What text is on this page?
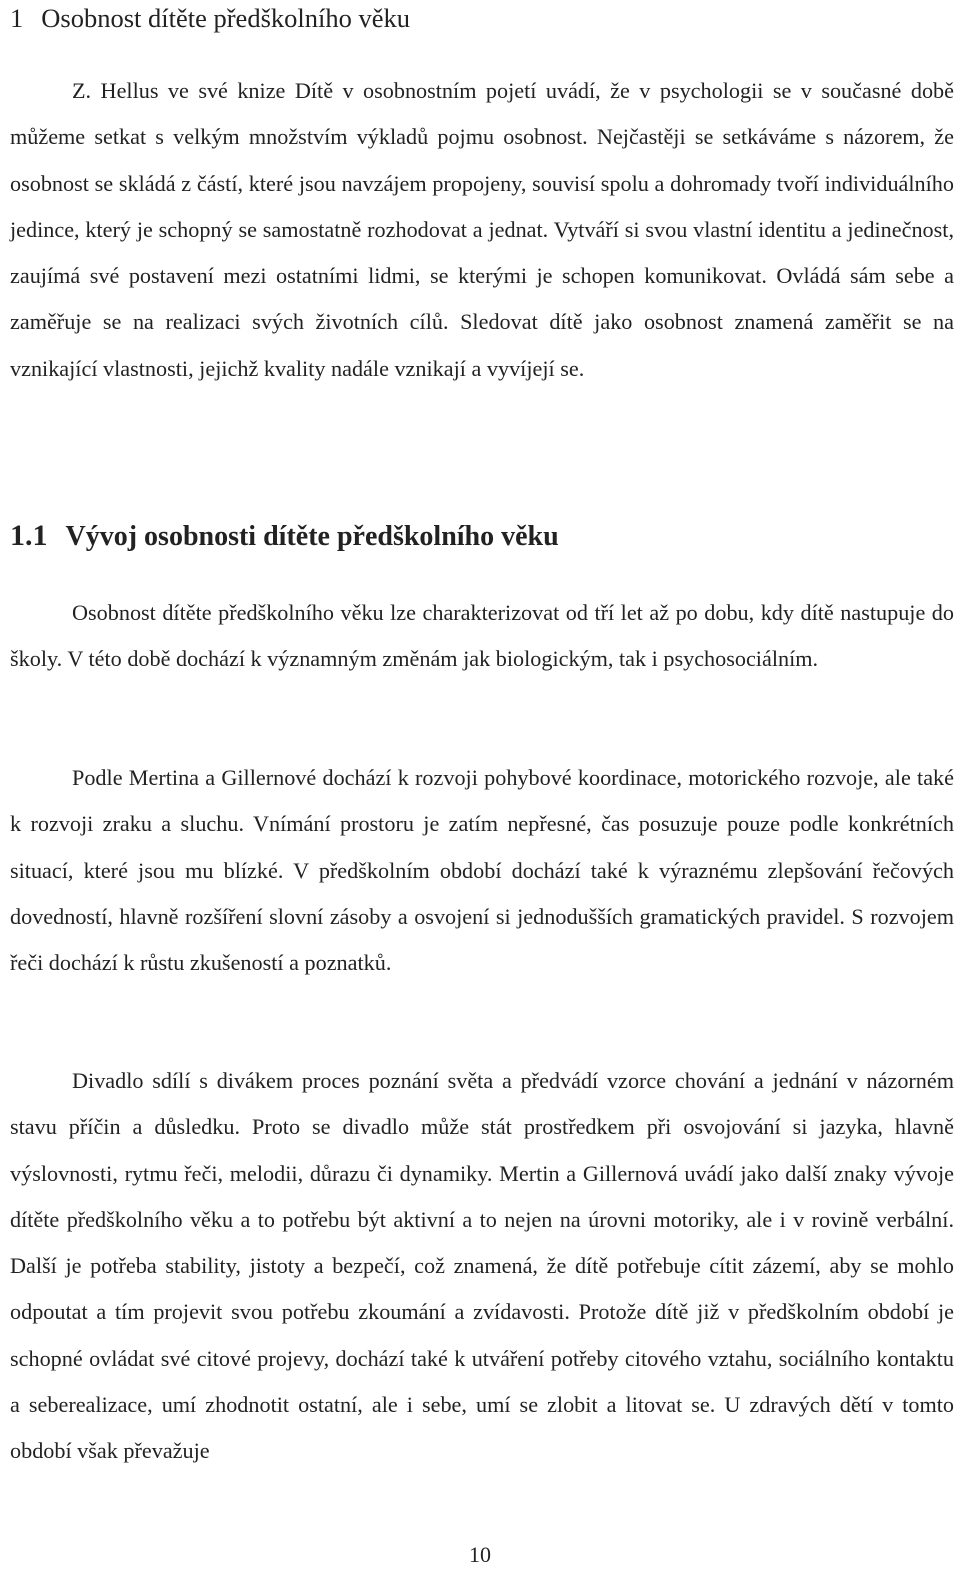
1 Osobnost dítěte předškolního věku

Z. Hellus ve své knize Dítě v osobnostním pojetí uvádí, že v psychologii se v současné době můžeme setkat s velkým množstvím výkladů pojmu osobnost. Nejčastěji se setkáváme s názorem, že osobnost se skládá z částí, které jsou navzájem propojeny, souvisí spolu a dohromady tvoří individuálního jedince, který je schopný se samostatně rozhodovat a jednat. Vytváří si svou vlastní identitu a jedinečnost, zaujímá své postavení mezi ostatními lidmi, se kterými je schopen komunikovat. Ovládá sám sebe a zaměřuje se na realizaci svých životních cílů. Sledovat dítě jako osobnost znamená zaměřit se na vznikající vlastnosti, jejichž kvality nadále vznikají a vyvíjejí se.

1.1 Vývoj osobnosti dítěte předškolního věku

Osobnost dítěte předškolního věku lze charakterizovat od tří let až po dobu, kdy dítě nastupuje do školy. V této době dochází k významným změnám jak biologickým, tak i psychosociálním.

Podle Mertina a Gillernové dochází k rozvoji pohybové koordinace, motorického rozvoje, ale také k rozvoji zraku a sluchu. Vnímání prostoru je zatím nepřesné, čas posuzuje pouze podle konkrétních situací, které jsou mu blízké. V předškolním období dochází také k výraznému zlepšování řečových dovedností, hlavně rozšíření slovní zásoby a osvojení si jednodušších gramatických pravidel. S rozvojem řeči dochází k růstu zkušeností a poznatků.

Divadlo sdílí s divákem proces poznání světa a předvádí vzorce chování a jednání v názorném stavu příčin a důsledku. Proto se divadlo může stát prostředkem při osvojování si jazyka, hlavně výslovnosti, rytmu řeči, melodii, důrazu či dynamiky. Mertin a Gillernová uvádí jako další znaky vývoje dítěte předškolního věku a to potřebu být aktivní a to nejen na úrovni motoriky, ale i v rovině verbální. Další je potřeba stability, jistoty a bezpečí, což znamená, že dítě potřebuje cítit zázemí, aby se mohlo odpoutat a tím projevit svou potřebu zkoumání a zvídavosti. Protože dítě již v předškolním období je schopné ovládat své citové projevy, dochází také k utváření potřeby citového vztahu, sociálního kontaktu a seberealizace, umí zhodnotit ostatní, ale i sebe, umí se zlobit a litovat se. U zdravých dětí v tomto období však převažuje

10
